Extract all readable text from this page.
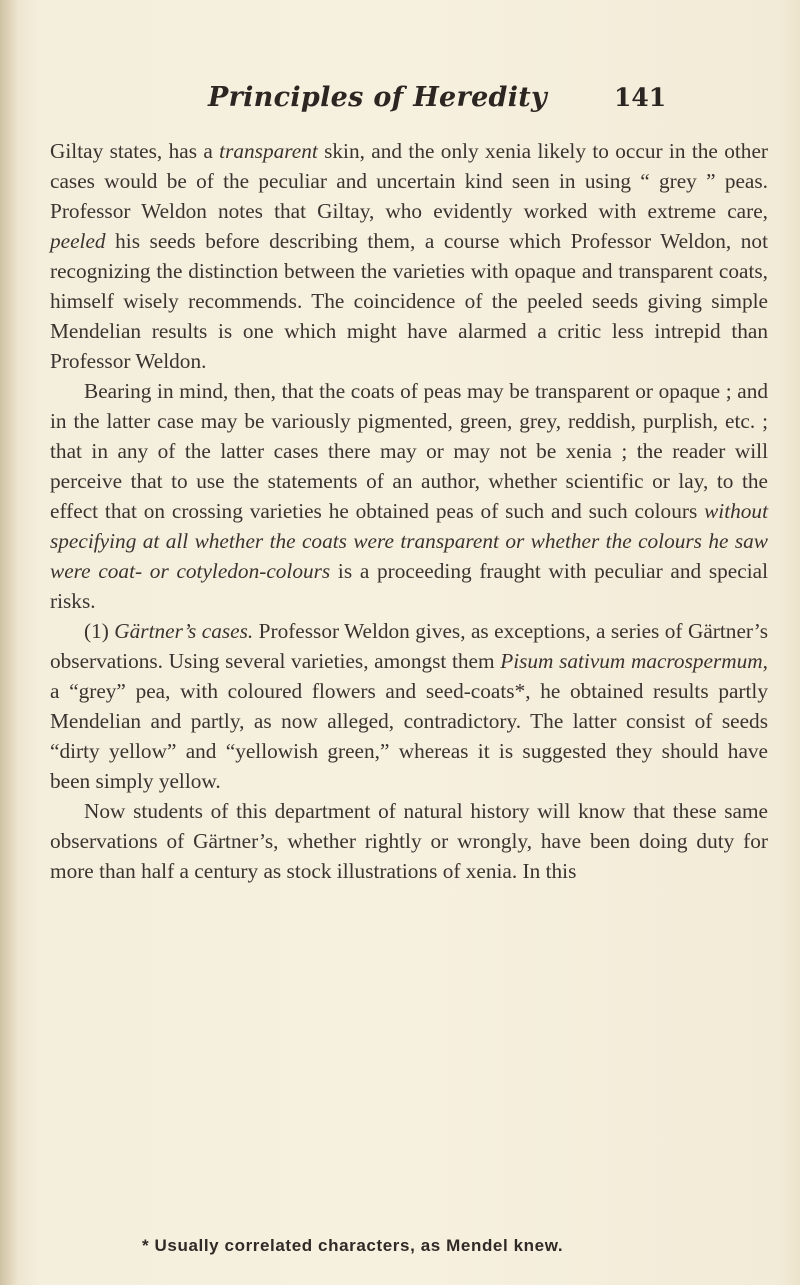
Principles of Heredity	141

Giltay states, has a transparent skin, and the only xenia likely to occur in the other cases would be of the peculiar and uncertain kind seen in using “ grey ” peas. Professor Weldon notes that Giltay, who evidently worked with extreme care, peeled his seeds before describing them, a course which Professor Weldon, not recognizing the distinction between the varieties with opaque and transparent coats, himself wisely recommends. The coincidence of the peeled seeds giving simple Mendelian results is one which might have alarmed a critic less intrepid than Professor Weldon.

Bearing in mind, then, that the coats of peas may be transparent or opaque ; and in the latter case may be variously pigmented, green, grey, reddish, purplish, etc. ; that in any of the latter cases there may or may not be xenia ; the reader will perceive that to use the statements of an author, whether scientific or lay, to the effect that on crossing varieties he obtained peas of such and such colours without specifying at all whether the coats were transparent or whether the colours he saw were coat- or cotyledon-colours is a proceeding fraught with peculiar and special risks.

(1) Gärtner’s cases. Professor Weldon gives, as exceptions, a series of Gärtner’s observations. Using several varieties, amongst them Pisum sativum macrospermum, a “grey” pea, with coloured flowers and seed-coats*, he obtained results partly Mendelian and partly, as now alleged, contradictory. The latter consist of seeds “dirty yellow” and “yellowish green,” whereas it is suggested they should have been simply yellow.

Now students of this department of natural history will know that these same observations of Gärtner’s, whether rightly or wrongly, have been doing duty for more than half a century as stock illustrations of xenia. In this

* Usually correlated characters, as Mendel knew.
